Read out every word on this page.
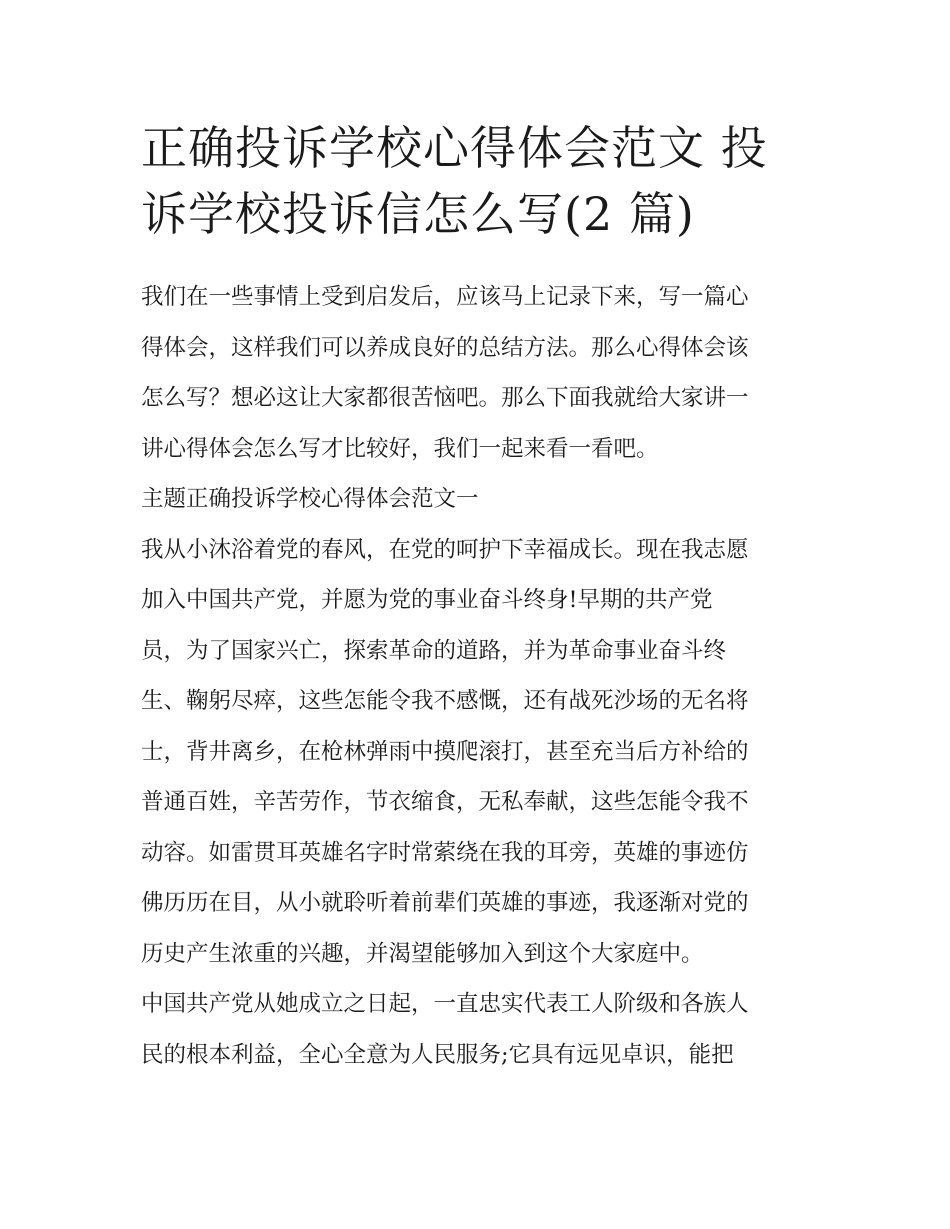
正确投诉学校心得体会范文 投
诉学校投诉信怎么写(2 篇)
我们在一些事情上受到启发后，应该马上记录下来，写一篇心
得体会，这样我们可以养成良好的总结方法。那么心得体会该
怎么写？想必这让大家都很苦恼吧。那么下面我就给大家讲一
讲心得体会怎么写才比较好，我们一起来看一看吧。
主题正确投诉学校心得体会范文一
我从小沐浴着党的春风，在党的呵护下幸福成长。现在我志愿
加入中国共产党，并愿为党的事业奋斗终身!早期的共产党
员，为了国家兴亡，探索革命的道路，并为革命事业奋斗终
生、鞠躬尽瘁，这些怎能令我不感慨，还有战死沙场的无名将
士，背井离乡，在枪林弹雨中摸爬滚打，甚至充当后方补给的
普通百姓，辛苦劳作，节衣缩食，无私奉献，这些怎能令我不
动容。如雷贯耳英雄名字时常萦绕在我的耳旁，英雄的事迹仿
佛历历在目，从小就聆听着前辈们英雄的事迹，我逐渐对党的
历史产生浓重的兴趣，并渴望能够加入到这个大家庭中。
中国共产党从她成立之日起，一直忠实代表工人阶级和各族人
民的根本利益，全心全意为人民服务;它具有远见卓识，能把
